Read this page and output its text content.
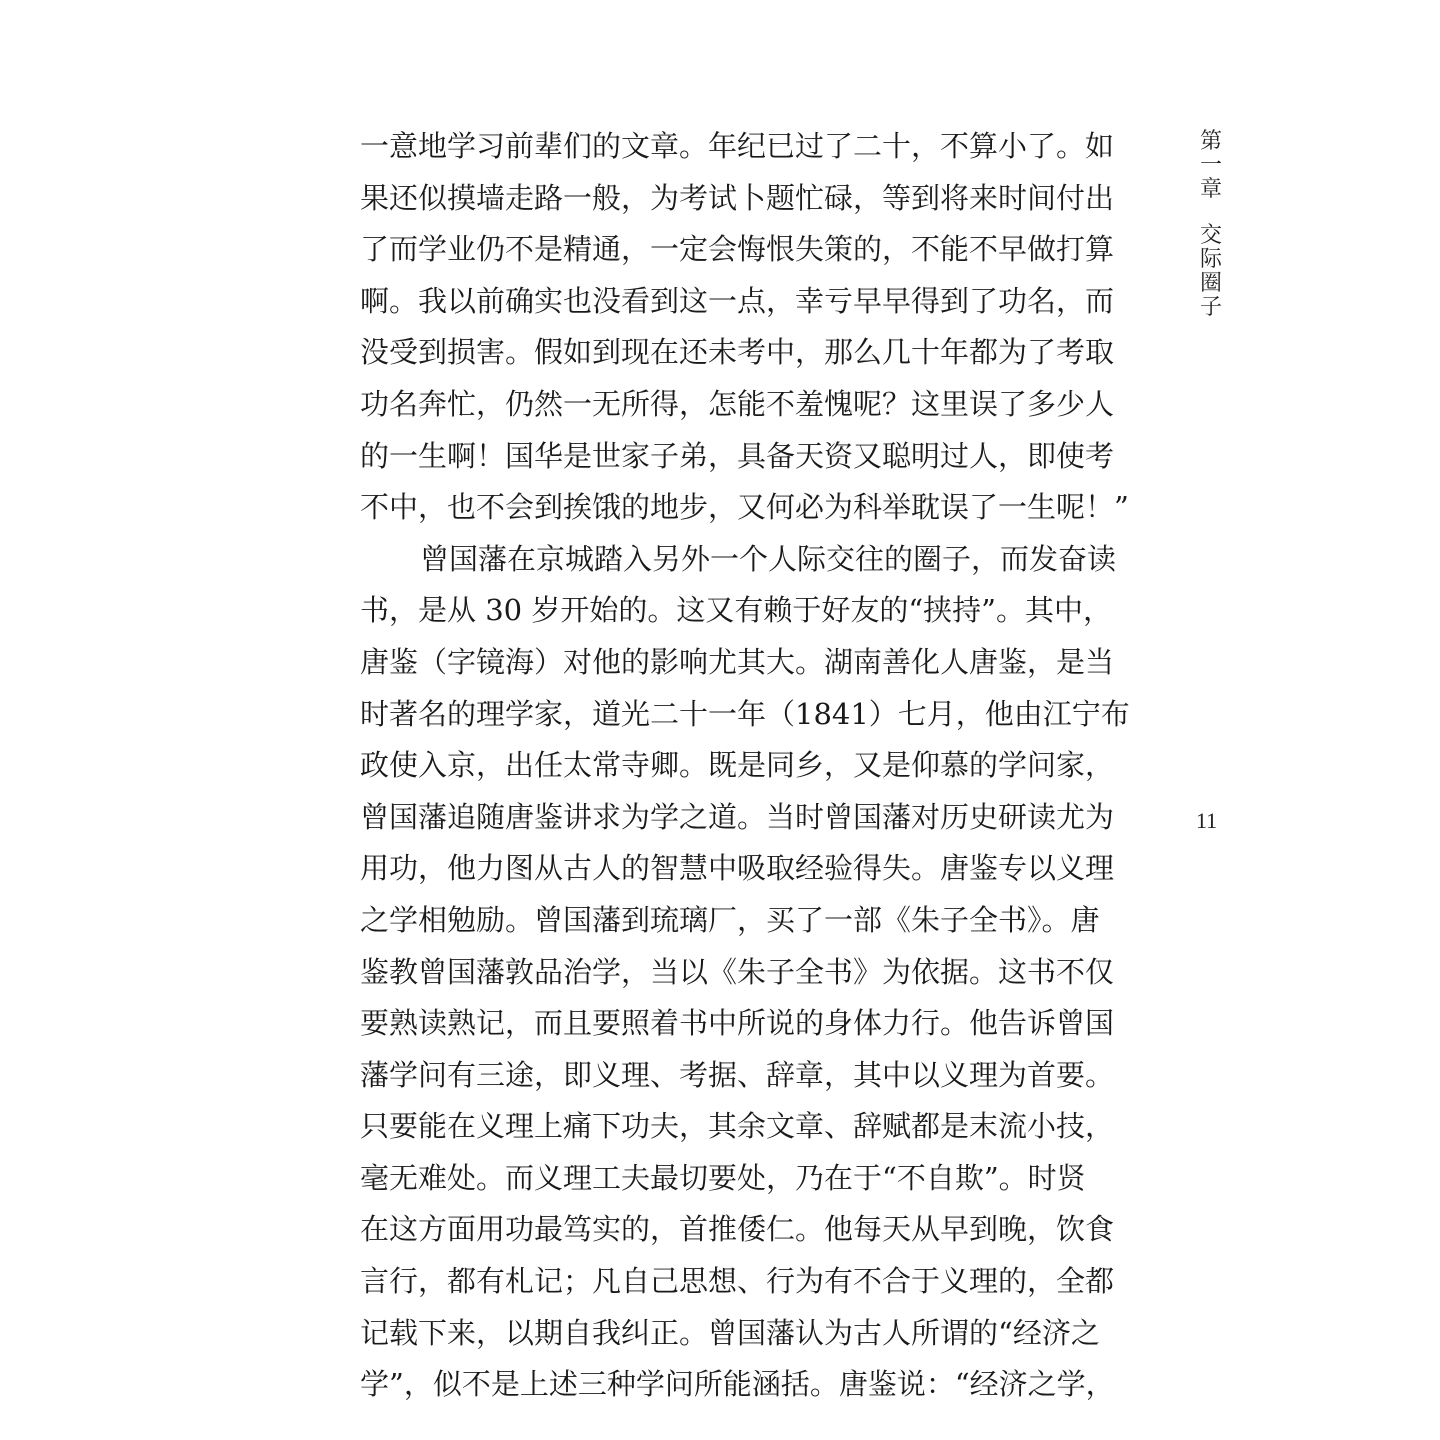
一意地学习前辈们的文章。年纪已过了二十，不算小了。如
果还似摸墙走路一般，为考试卜题忙碌，等到将来时间付出
了而学业仍不是精通，一定会悔恨失策的，不能不早做打算
啊。我以前确实也没看到这一点，幸亏早早得到了功名，而
没受到损害。假如到现在还未考中，那么几十年都为了考取
功名奔忙，仍然一无所得，怎能不羞愧呢？这里误了多少人
的一生啊！国华是世家子弟，具备天资又聪明过人，即使考
不中，也不会到挨饿的地步，又何必为科举耽误了一生呢！”
曾国藩在京城踏入另外一个人际交往的圈子，而发奋读
书，是从 30 岁开始的。这又有赖于好友的“挟持”。其中，
唐鉴（字镜海）对他的影响尤其大。湖南善化人唐鉴，是当
时著名的理学家，道光二十一年（1841）七月，他由江宁布
政使入京，出任太常寺卿。既是同乡，又是仰慕的学问家，
曾国藩追随唐鉴讲求为学之道。当时曾国藩对历史研读尤为
用功，他力图从古人的智慧中吸取经验得失。唐鉴专以义理
之学相勉励。曾国藩到琉璃厂，买了一部《朱子全书》。唐
鉴教曾国藩敦品治学，当以《朱子全书》为依据。这书不仅
要熟读熟记，而且要照着书中所说的身体力行。他告诉曾国
藩学问有三途，即义理、考据、辞章，其中以义理为首要。
只要能在义理上痛下功夫，其余文章、辞赋都是末流小技，
毫无难处。而义理工夫最切要处，乃在于“不自欺”。时贤
在这方面用功最笃实的，首推倭仁。他每天从早到晚，饮食
言行，都有札记；凡自己思想、行为有不合于义理的，全都
记载下来，以期自我纠正。曾国藩认为古人所谓的“经济之
学”，似不是上述三种学问所能涵括。唐鉴说：“经济之学，
第
一
章
交
际
圈
子
11
